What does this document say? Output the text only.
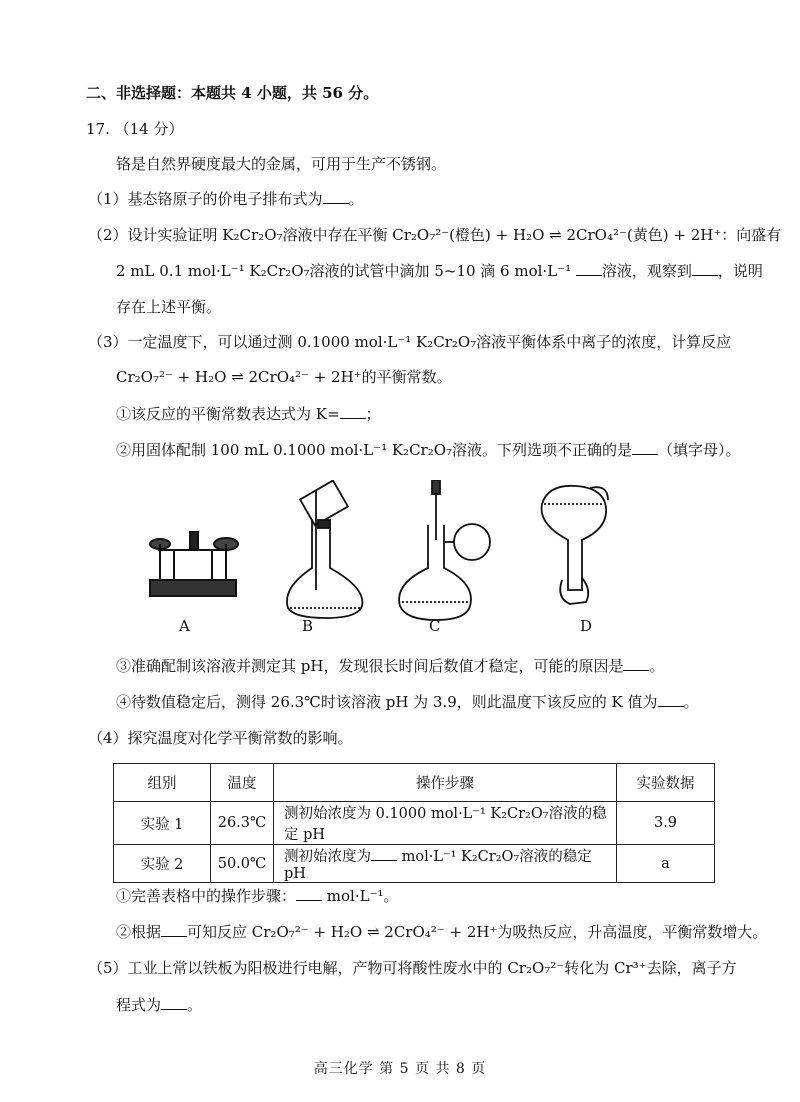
二、非选择题：本题共 4 小题，共 56 分。
17. （14 分）
铬是自然界硬度最大的金属，可用于生产不锈钢。
（1）基态铬原子的价电子排布式为 。
（2）设计实验证明 K₂Cr₂O₇溶液中存在平衡 Cr₂O₇²⁻(橙色) + H₂O ⇌ 2CrO₄²⁻(黄色) + 2H⁺：向盛有
2 mL 0.1 mol·L⁻¹ K₂Cr₂O₇溶液的试管中滴加 5~10 滴 6 mol·L⁻¹ 溶液，观察到 ，说明
存在上述平衡。
（3）一定温度下，可以通过测 0.1000 mol·L⁻¹ K₂Cr₂O₇溶液平衡体系中离子的浓度，计算反应
Cr₂O₇²⁻ + H₂O ⇌ 2CrO₄²⁻ + 2H⁺的平衡常数。
①该反应的平衡常数表达式为 K= ；
②用固体配制 100 mL 0.1000 mol·L⁻¹ K₂Cr₂O₇溶液。下列选项不正确的是 （填字母）。
A	B	C	D
③准确配制该溶液并测定其 pH，发现很长时间后数值才稳定，可能的原因是 。
④待数值稳定后，测得 26.3℃时该溶液 pH 为 3.9，则此温度下该反应的 K 值为 。
（4）探究温度对化学平衡常数的影响。
组别	温度	操作步骤	实验数据
实验 1	26.3℃	测初始浓度为 0.1000 mol·L⁻¹ K₂Cr₂O₇溶液的稳定 pH	3.9
实验 2	50.0℃	测初始浓度为 mol·L⁻¹ K₂Cr₂O₇溶液的稳定 pH	a
①完善表格中的操作步骤： mol·L⁻¹。
②根据 可知反应 Cr₂O₇²⁻ + H₂O ⇌ 2CrO₄²⁻ + 2H⁺为吸热反应，升高温度，平衡常数增大。
（5）工业上常以铁板为阳极进行电解，产物可将酸性废水中的 Cr₂O₇²⁻转化为 Cr³⁺去除，离子方
程式为 。
高三化学 第 5 页 共 8 页
